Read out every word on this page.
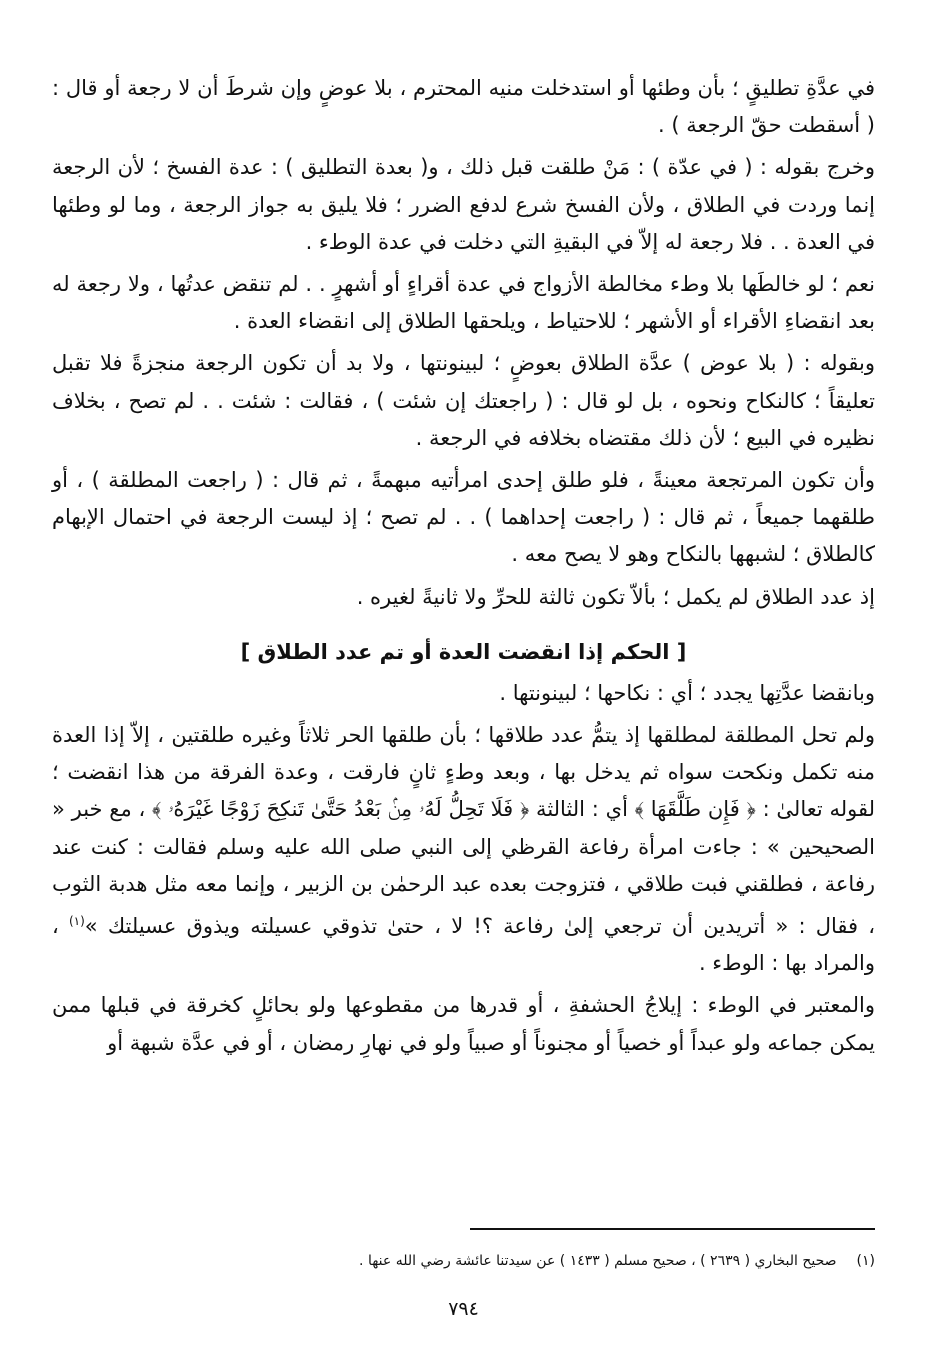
في عدَّةِ تطليقٍ ؛ بأن وطئها أو استدخلت منيه المحترم ، بلا عوضٍ وإن شرطَ أن لا رجعة أو قال : ( أسقطت حقّ الرجعة ) .

وخرج بقوله : ( في عدّة ) : مَنْ طلقت قبل ذلك ، و( بعدة التطليق ) : عدة الفسخ ؛ لأن الرجعة إنما وردت في الطلاق ، ولأن الفسخ شرع لدفع الضرر ؛ فلا يليق به جواز الرجعة ، وما لو وطئها في العدة . . فلا رجعة له إلاّ في البقيةِ التي دخلت في عدة الوطء .

نعم ؛ لو خالطَها بلا وطء مخالطة الأزواج في عدة أقراءٍ أو أشهرٍ . . لم تنقض عدتُها ، ولا رجعة له بعد انقضاءِ الأقراء أو الأشهر ؛ للاحتياط ، ويلحقها الطلاق إلى انقضاء العدة .

وبقوله : ( بلا عوض ) عدَّة الطلاق بعوضٍ ؛ لبينونتها ، ولا بد أن تكون الرجعة منجزةً فلا تقبل تعليقاً ؛ كالنكاح ونحوه ، بل لو قال : ( راجعتك إن شئت ) ، فقالت : شئت . . لم تصح ، بخلاف نظيره في البيع ؛ لأن ذلك مقتضاه بخلافه في الرجعة .

وأن تكون المرتجعة معينةً ، فلو طلق إحدى امرأتيه مبهمةً ، ثم قال : ( راجعت المطلقة ) ، أو طلقهما جميعاً ، ثم قال : ( راجعت إحداهما ) . . لم تصح ؛ إذ ليست الرجعة في احتمال الإبهام كالطلاق ؛ لشبهها بالنكاح وهو لا يصح معه .

إذ عدد الطلاق لم يكمل ؛ بألاّ تكون ثالثة للحرِّ ولا ثانيةً لغيره .

[ الحكم إذا انقضت العدة أو تم عدد الطلاق ]

وبانقضا عدَّتِها يجدد ؛ أي : نكاحها ؛ لبينونتها .

ولم تحل المطلقة لمطلقها إذ يتمُّ عدد طلاقها ؛ بأن طلقها الحر ثلاثاً وغيره طلقتين ، إلاّ إذا العدة منه تكمل ونكحت سواه ثم يدخل بها ، وبعد وطءٍ ثانٍ فارقت ، وعدة الفرقة من هذا انقضت ؛ لقوله تعالىٰ : ﴿ فَإِن طَلَّقَهَا ﴾ أي : الثالثة ﴿ فَلَا تَحِلُّ لَهُۥ مِنۢ بَعْدُ حَتَّىٰ تَنكِحَ زَوْجًا غَيْرَهُۥ ﴾ ، مع خبر « الصحيحين » : جاءت امرأة رفاعة القرظي إلى النبي صلى الله عليه وسلم فقالت : كنت عند رفاعة ، فطلقني فبت طلاقي ، فتزوجت بعده عبد الرحمٰن بن الزبير ، وإنما معه مثل هدبة الثوب ، فقال : « أتريدين أن ترجعي إلىٰ رفاعة ؟! لا ، حتىٰ تذوقي عسيلته ويذوق عسيلتك »$^{(١)}$ ، والمراد بها : الوطء .

والمعتبر في الوطء : إيلاجُ الحشفةِ ، أو قدرها من مقطوعها ولو بحائلٍ كخرقة في قبلها ممن يمكن جماعه ولو عبداً أو خصياً أو مجنوناً أو صبياً ولو في نهارِ رمضان ، أو في عدَّة شبهة أو

(١)
صحيح البخاري ( ٢٦٣٩ ) ، صحيح مسلم ( ١٤٣٣ ) عن سيدتنا عائشة رضي الله عنها .
٧٩٤
